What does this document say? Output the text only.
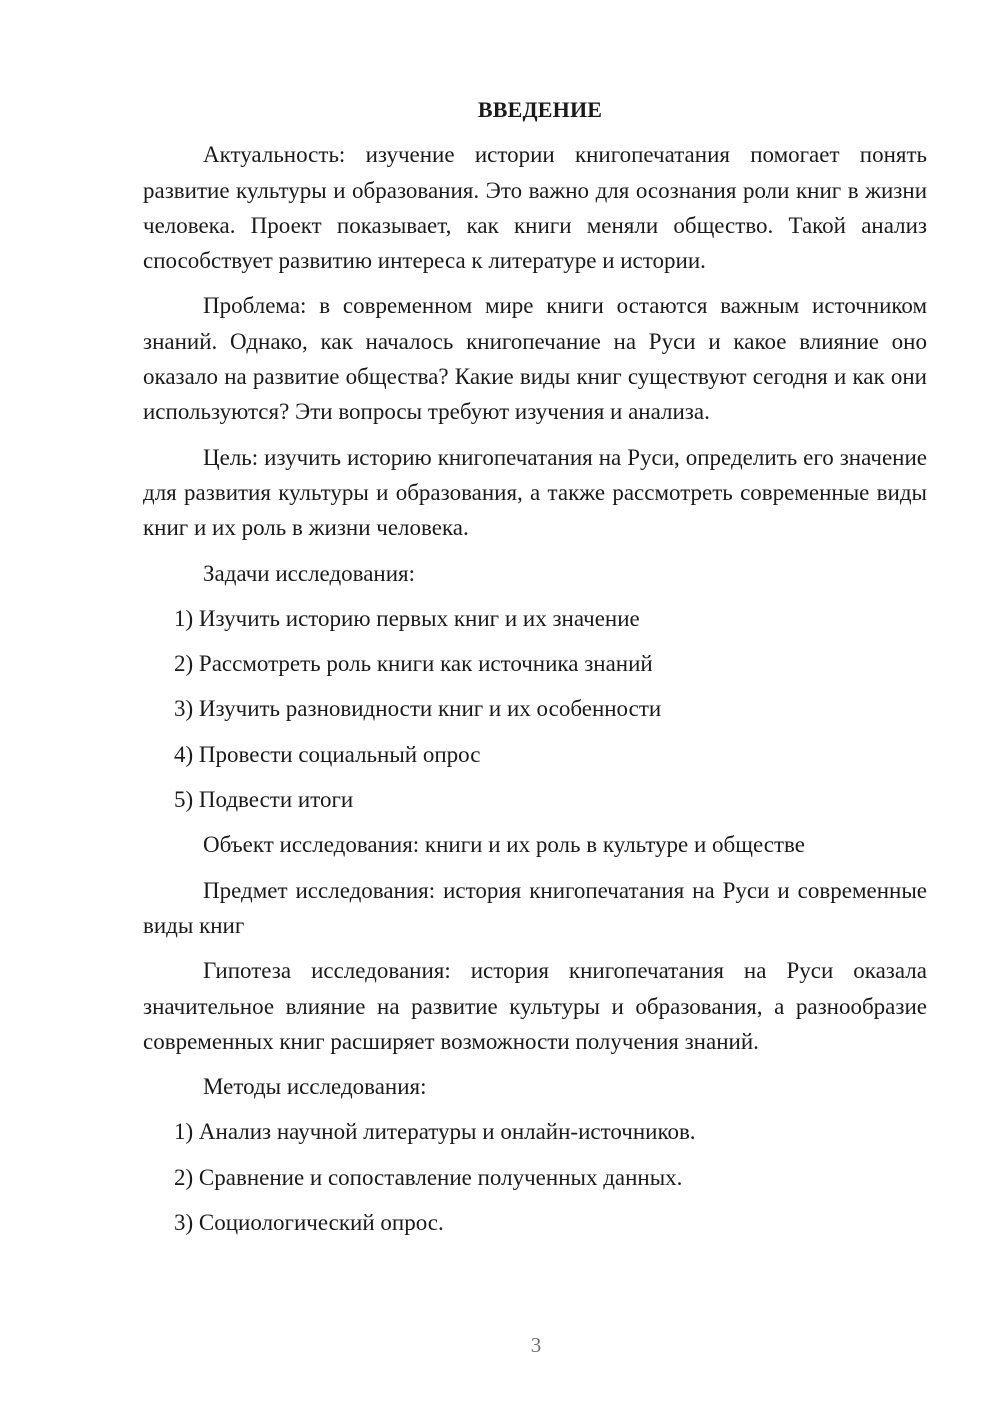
ВВЕДЕНИЕ

Актуальность: изучение истории книгопечатания помогает понять развитие культуры и образования. Это важно для осознания роли книг в жизни человека. Проект показывает, как книги меняли общество. Такой анализ способствует развитию интереса к литературе и истории.

Проблема: в современном мире книги остаются важным источником знаний. Однако, как началось книгопечание на Руси и какое влияние оно оказало на развитие общества? Какие виды книг существуют сегодня и как они используются? Эти вопросы требуют изучения и анализа.

Цель: изучить историю книгопечатания на Руси, определить его значение для развития культуры и образования, а также рассмотреть современные виды книг и их роль в жизни человека.

Задачи исследования:

1) Изучить историю первых книг и их значение

2) Рассмотреть роль книги как источника знаний

3) Изучить разновидности книг и их особенности

4) Провести социальный опрос

5) Подвести итоги

Объект исследования: книги и их роль в культуре и обществе

Предмет исследования: история книгопечатания на Руси и современные виды книг

Гипотеза исследования: история книгопечатания на Руси оказала значительное влияние на развитие культуры и образования, а разнообразие современных книг расширяет возможности получения знаний.

Методы исследования:

1) Анализ научной литературы и онлайн-источников.

2) Сравнение и сопоставление полученных данных.

3) Социологический опрос.

3
